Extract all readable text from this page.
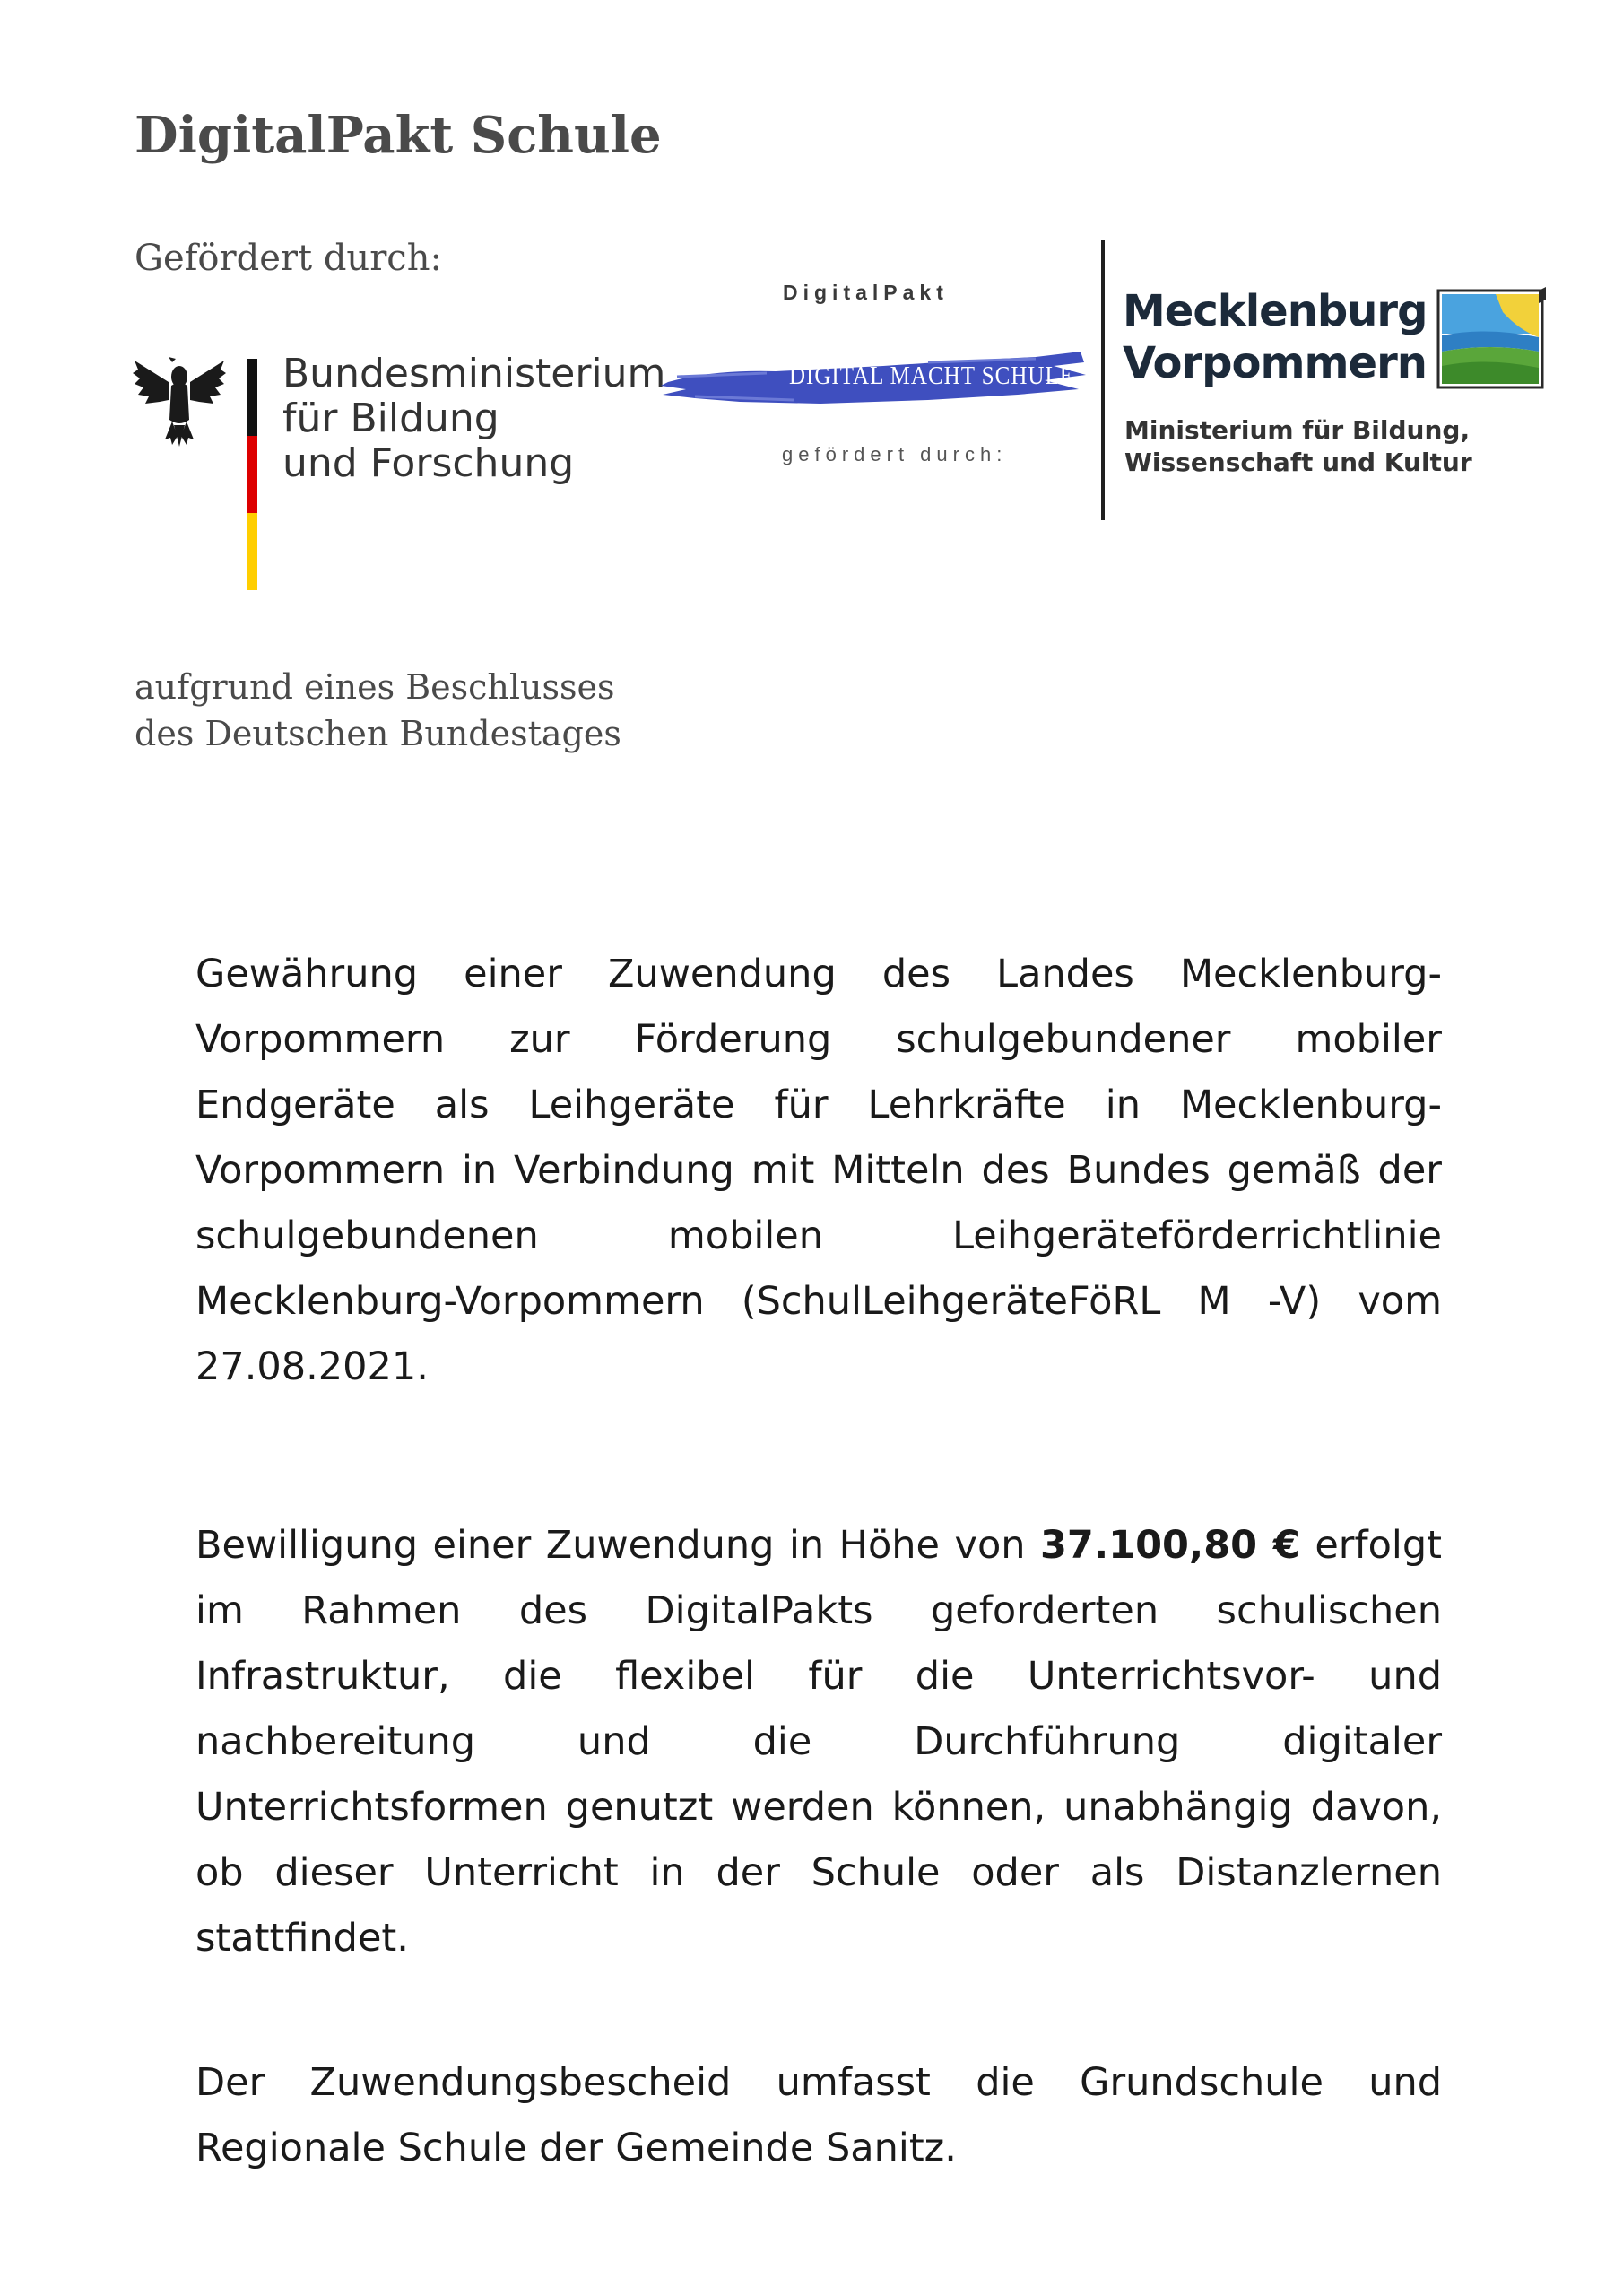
DigitalPakt Schule
Gefördert durch:
Bundesministerium
für Bildung
und Forschung
aufgrund eines Beschlusses
des Deutschen Bundestages
DigitalPakt
DIGITAL MACHT SCHULE
gefördert durch:
Mecklenburg
Vorpommern
Ministerium für Bildung,
Wissenschaft und Kultur

Gewährung einer Zuwendung des Landes Mecklenburg-Vorpommern zur Förderung schulgebundener mobiler Endgeräte als Leihgeräte für Lehrkräfte in Mecklenburg-Vorpommern in Verbindung mit Mitteln des Bundes gemäß der schulgebundenen mobilen Leihgeräteförderrichtlinie Mecklenburg-Vorpommern (SchulLeihgeräteFöRL M -V) vom 27.08.2021.

Bewilligung einer Zuwendung in Höhe von 37.100,80 € erfolgt im Rahmen des DigitalPakts geforderten schulischen Infrastruktur, die flexibel für die Unterrichtsvor- und nachbereitung und die Durchführung digitaler Unterrichtsformen genutzt werden können, unabhängig davon, ob dieser Unterricht in der Schule oder als Distanzlernen stattfindet.

Der Zuwendungsbescheid umfasst die Grundschule und Regionale Schule der Gemeinde Sanitz.
